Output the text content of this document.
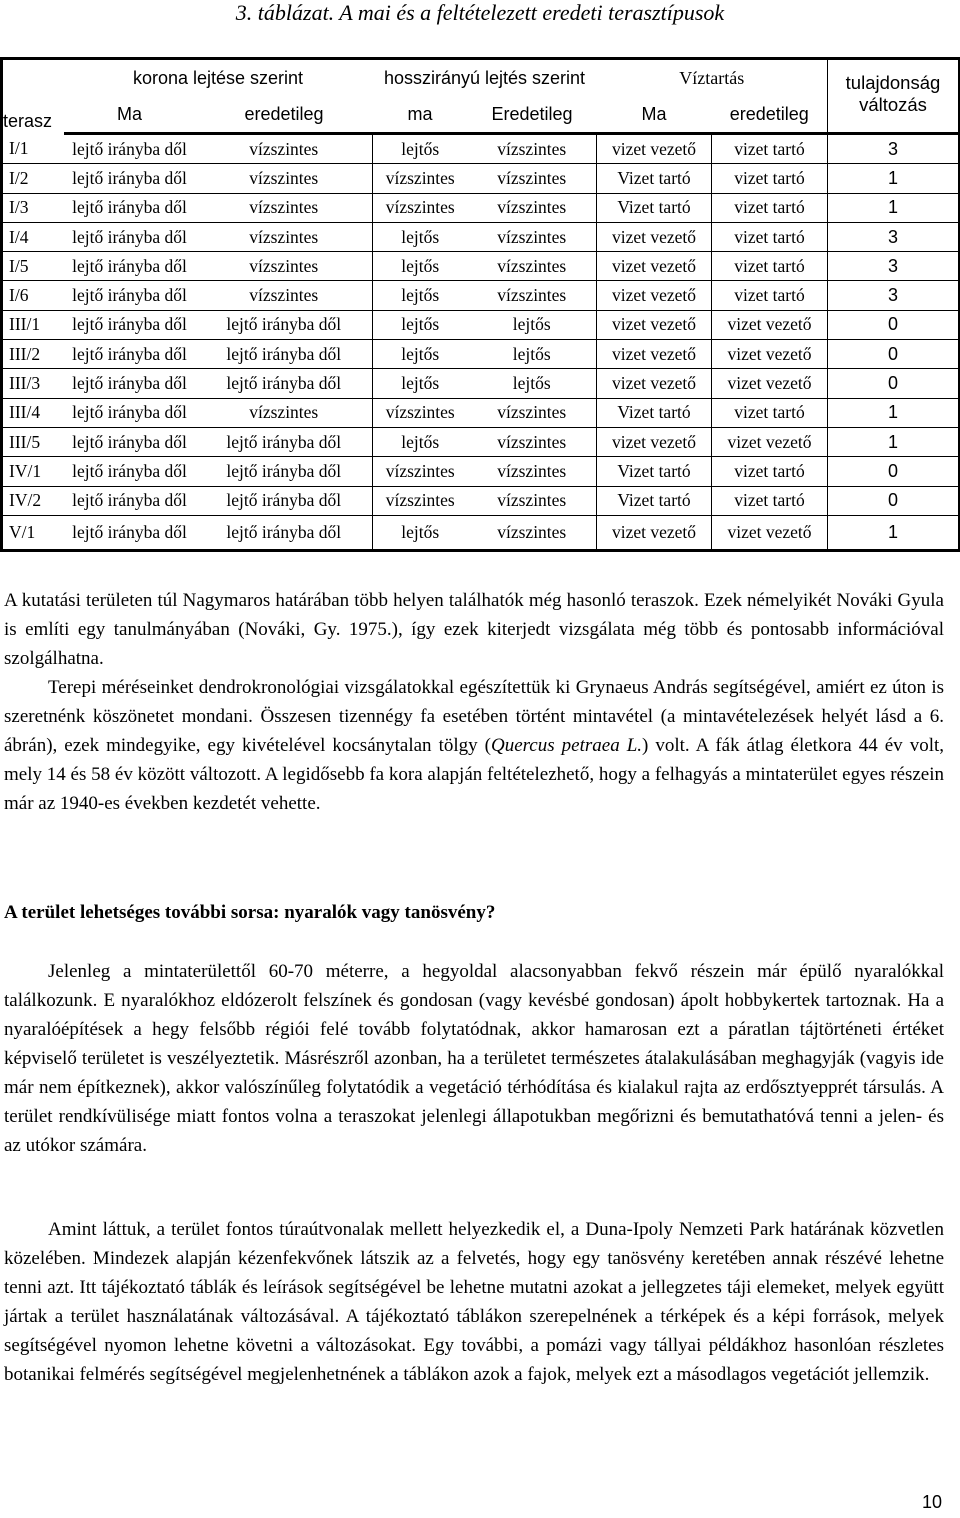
3. táblázat. A mai és a feltételezett eredeti terasztípusok
terasz	korona lejtése szerint		hosszirányú lejtés szerint		Víztartás		tulajdonság
változás

	Ma	eredetileg	ma	Eredetileg	Ma	eredetileg	
I/1	lejtő irányba dől	vízszintes	lejtős	vízszintes	vizet vezető	vizet tartó	3
I/2	lejtő irányba dől	vízszintes	vízszintes	vízszintes	Vizet tartó	vizet tartó	1
I/3	lejtő irányba dől	vízszintes	vízszintes	vízszintes	Vizet tartó	vizet tartó	1
I/4	lejtő irányba dől	vízszintes	lejtős	vízszintes	vizet vezető	vizet tartó	3
I/5	lejtő irányba dől	vízszintes	lejtős	vízszintes	vizet vezető	vizet tartó	3
I/6	lejtő irányba dől	vízszintes	lejtős	vízszintes	vizet vezető	vizet tartó	3
III/1	lejtő irányba dől	lejtő irányba dől	lejtős	lejtős	vizet vezető	vizet vezető	0
III/2	lejtő irányba dől	lejtő irányba dől	lejtős	lejtős	vizet vezető	vizet vezető	0
III/3	lejtő irányba dől	lejtő irányba dől	lejtős	lejtős	vizet vezető	vizet vezető	0
III/4	lejtő irányba dől	vízszintes	vízszintes	vízszintes	Vizet tartó	vizet tartó	1
III/5	lejtő irányba dől	lejtő irányba dől	lejtős	vízszintes	vizet vezető	vizet vezető	1
IV/1	lejtő irányba dől	lejtő irányba dől	vízszintes	vízszintes	Vizet tartó	vizet tartó	0
IV/2	lejtő irányba dől	lejtő irányba dől	vízszintes	vízszintes	Vizet tartó	vizet tartó	0
V/1	lejtő irányba dől	lejtő irányba dől	lejtős	vízszintes	vizet vezető	vizet vezető	1

A kutatási területen túl Nagymaros határában több helyen találhatók még hasonló teraszok. Ezek némelyikét Nováki Gyula is említi egy tanulmányában (Nováki, Gy. 1975.), így ezek kiterjedt vizsgálata még több és pontosabb információval szolgálhatna.

Terepi méréseinket dendrokronológiai vizsgálatokkal egészítettük ki Grynaeus András segítségével, amiért ez úton is szeretnénk köszönetet mondani. Összesen tizennégy fa esetében történt mintavétel (a mintavételezések helyét lásd a 6. ábrán), ezek mindegyike, egy kivételével kocsánytalan tölgy (Quercus petraea L.) volt. A fák átlag életkora 44 év volt, mely 14 és 58 év között változott. A legidősebb fa kora alapján feltételezhető, hogy a felhagyás a mintaterület egyes részein már az 1940-es években kezdetét vehette.

A terület lehetséges további sorsa: nyaralók vagy tanösvény?

Jelenleg a mintaterülettől 60-70 méterre, a hegyoldal alacsonyabban fekvő részein már épülő nyaralókkal találkozunk. E nyaralókhoz eldózerolt felszínek és gondosan (vagy kevésbé gondosan) ápolt hobbykertek tartoznak. Ha a nyaralóépítések a hegy felsőbb régiói felé tovább folytatódnak, akkor hamarosan ezt a páratlan tájtörténeti értéket képviselő területet is veszélyeztetik. Másrészről azonban, ha a területet természetes átalakulásában meghagyják (vagyis ide már nem építkeznek), akkor valószínűleg folytatódik a vegetáció térhódítása és kialakul rajta az erdősztyepprét társulás. A terület rendkívülisége miatt fontos volna a teraszokat jelenlegi állapotukban megőrizni és bemutathatóvá tenni a jelen- és az utókor számára.

Amint láttuk, a terület fontos túraútvonalak mellett helyezkedik el, a Duna-Ipoly Nemzeti Park határának közvetlen közelében. Mindezek alapján kézenfekvőnek látszik az a felvetés, hogy egy tanösvény keretében annak részévé lehetne tenni azt. Itt tájékoztató táblák és leírások segítségével be lehetne mutatni azokat a jellegzetes táji elemeket, melyek együtt jártak a terület használatának változásával. A tájékoztató táblákon szerepelnének a térképek és a képi források, melyek segítségével nyomon lehetne követni a változásokat. Egy további, a pomázi vagy tállyai példákhoz hasonlóan részletes botanikai felmérés segítségével megjelenhetnének a táblákon azok a fajok, melyek ezt a másodlagos vegetációt jellemzik.

10
